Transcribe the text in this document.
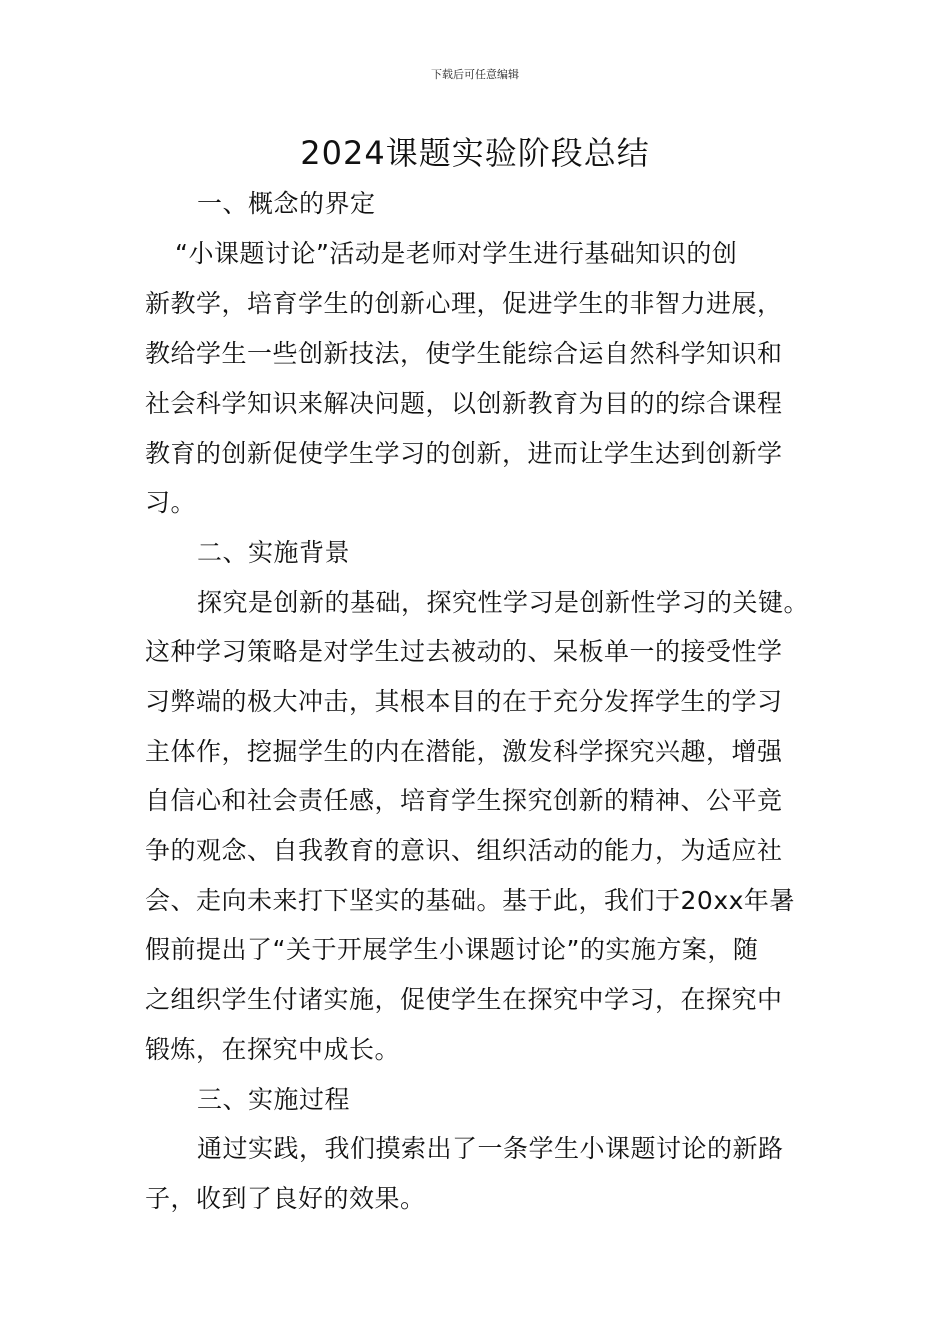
下载后可任意编辑
2024课题实验阶段总结
一、概念的界定
“小课题讨论”活动是老师对学生进行基础知识的创
新教学，培育学生的创新心理，促进学生的非智力进展，
教给学生一些创新技法，使学生能综合运自然科学知识和
社会科学知识来解决问题，以创新教育为目的的综合课程
教育的创新促使学生学习的创新，进而让学生达到创新学
习。
二、实施背景
探究是创新的基础，探究性学习是创新性学习的关键。
这种学习策略是对学生过去被动的、呆板单一的接受性学
习弊端的极大冲击，其根本目的在于充分发挥学生的学习
主体作，挖掘学生的内在潜能，激发科学探究兴趣，增强
自信心和社会责任感，培育学生探究创新的精神、公平竞
争的观念、自我教育的意识、组织活动的能力，为适应社
会、走向未来打下坚实的基础。基于此，我们于20xx年暑
假前提出了“关于开展学生小课题讨论”的实施方案，随
之组织学生付诸实施，促使学生在探究中学习，在探究中
锻炼，在探究中成长。
三、实施过程
通过实践，我们摸索出了一条学生小课题讨论的新路
子，收到了良好的效果。
